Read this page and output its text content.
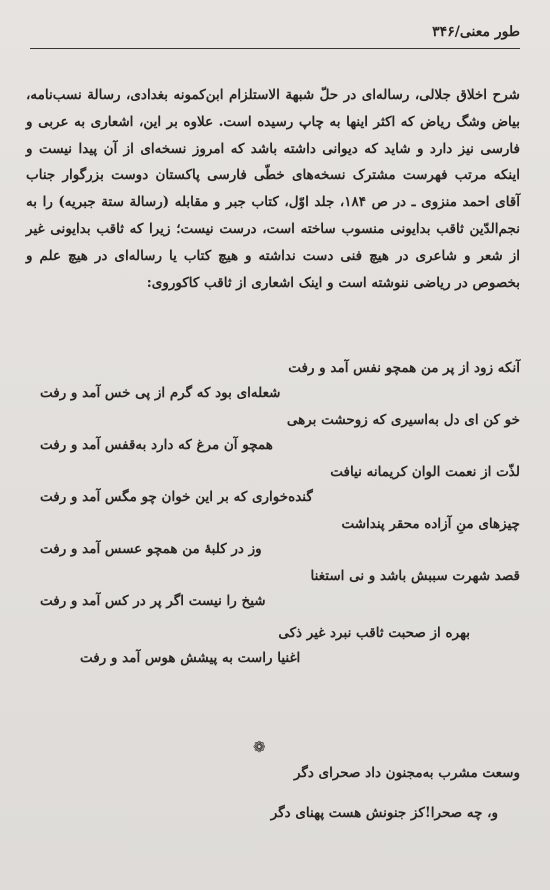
طور معنی/۳۴۶

شرح اخلاق جلالی، رساله‌ای در حلّ شبهة الاستلزام ابن‌کمونه بغدادی، رسالة نسب‌نامه، بیاض وشگ ریاض که اکثر اینها به چاپ رسیده است. علاوه بر این، اشعاری به عربی و فارسی نیز دارد و شاید که دیوانی داشته باشد که امروز نسخه‌ای از آن پیدا نیست و اینکه مرتب فهرست مشترک نسخه‌های خطّی فارسی پاکستان دوست بزرگوار جناب آقای احمد منزوی ـ در ص ۱۸۴، جلد اوّل، کتاب جبر و مقابله (رسالة ستة جبریه) را به نجم‌الدّین ثاقب بدایونی منسوب ساخته است، درست نیست؛ زیرا که ثاقب بدایونی غیر از شعر و شاعری در هیچ فنی دست نداشته و هیچ کتاب یا رساله‌ای در هیچ علم و بخصوص در ریاضی ننوشته است و اینک اشعاری از ثاقب کاکوروی:

آنکه زود از پر من همچو نفس آمد و رفت
شعله‌ای بود که گرم از پی خس آمد و رفت
خو کن ای دل به‌اسیری که زوحشت برهی
همچو آن مرغ که دارد به‌قفس آمد و رفت
لذّت از نعمت الوان کریمانه نیافت
گنده‌خواری که بر این خوان چو مگس آمد و رفت
چیزهای منِ آزاده محقر پنداشت
وز در کلبهٔ من همچو عسس آمد و رفت
قصد شهرت سببش باشد و نی استغنا
شیخ را نیست اگر پر در کس آمد و رفت
بهره از صحبت ثاقب نبرد غیر ذکی
اغنیا راست به پیشش هوس آمد و رفت
❁
وسعت مشرب به‌مجنون داد صحرای دگر
و، چه صحرا!کز جنونش هست پهنای دگر
